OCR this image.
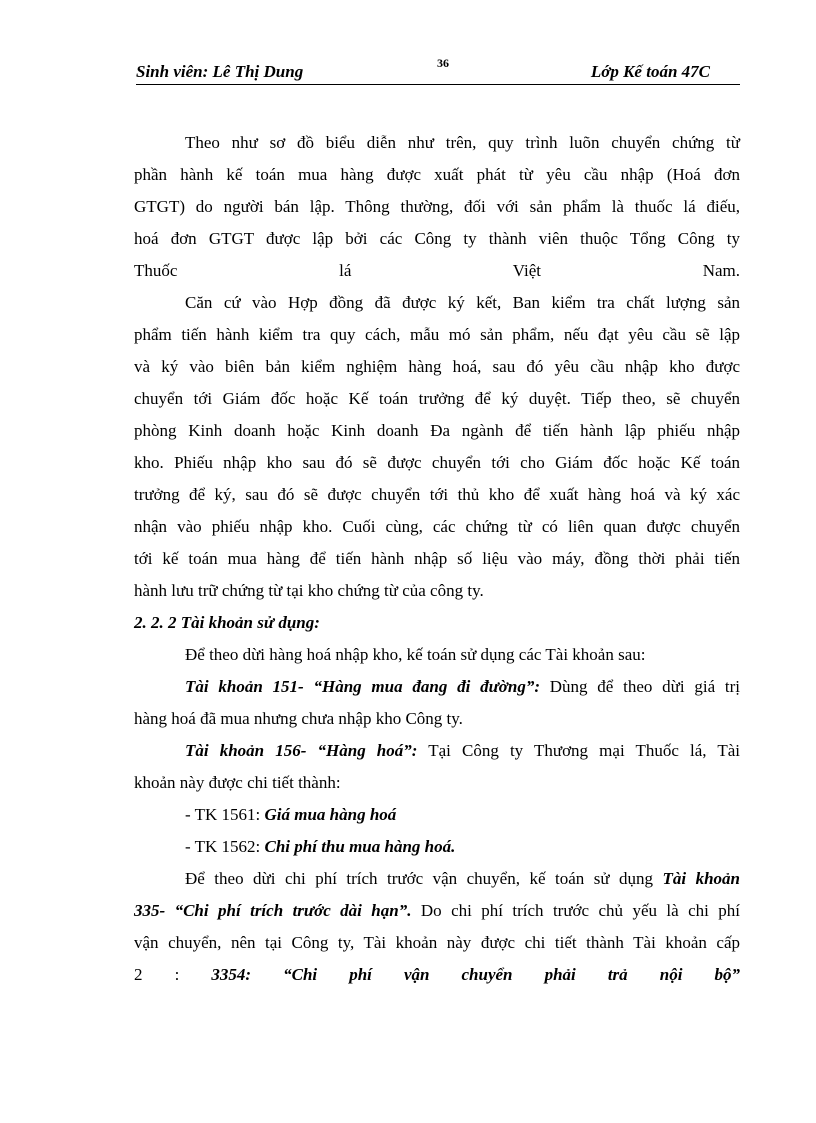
Sinh viên: Lê Thị Dung	36	Lớp Kế toán 47C
Theo như sơ đồ biểu diễn như trên, quy trình luõn chuyển chứng từ
phần hành kế toán mua hàng được xuất phát từ yêu cầu nhập (Hoá đơn
GTGT) do người bán lập. Thông thường, đối với sản phẩm là thuốc lá điếu,
hoá đơn GTGT được lập bởi các Công ty thành viên thuộc Tổng Công ty
Thuốc lá Việt Nam.
Căn cứ vào Hợp đồng đã được ký kết, Ban kiểm tra chất lượng sản
phẩm tiến hành kiểm tra quy cách, mẫu mó sản phẩm, nếu đạt yêu cầu sẽ lập
và ký vào biên bản kiểm nghiệm hàng hoá, sau đó yêu cầu nhập kho được
chuyển tới Giám đốc hoặc Kế toán trưởng để ký duyệt. Tiếp theo, sẽ chuyển
phòng Kinh doanh hoặc Kinh doanh Đa ngành để tiến hành lập phiếu nhập
kho. Phiếu nhập kho sau đó sẽ được chuyển tới cho Giám đốc hoặc Kế toán
trưởng để ký, sau đó sẽ được chuyển tới thủ kho để xuất hàng hoá và ký xác
nhận vào phiếu nhập kho. Cuối cùng, các chứng từ có liên quan được chuyển
tới kế toán mua hàng để tiến hành nhập số liệu vào máy, đồng thời phải tiến
hành lưu trữ chứng từ tại kho chứng từ của công ty.
2. 2. 2 Tài khoản sử dụng:
Để theo dừi hàng hoá nhập kho, kế toán sử dụng các Tài khoản sau:
Tài khoản 151- “Hàng mua đang đi đường”: Dùng để theo dừi giá trị
hàng hoá đã mua nhưng chưa nhập kho Công ty.
Tài khoản 156- “Hàng hoá”: Tại Công ty Thương mại Thuốc lá, Tài
khoản này được chi tiết thành:
- TK 1561: Giá mua hàng hoá
- TK 1562: Chi phí thu mua hàng hoá.
Để theo dừi chi phí trích trước vận chuyển, kế toán sử dụng Tài khoản
335- “Chi phí trích trước dài hạn”. Do chi phí trích trước chủ yếu là chi phí
vận chuyển, nên tại Công ty, Tài khoản này được chi tiết thành Tài khoản cấp
2 : 3354: “Chi phí vận chuyển phải trả nội bộ”
